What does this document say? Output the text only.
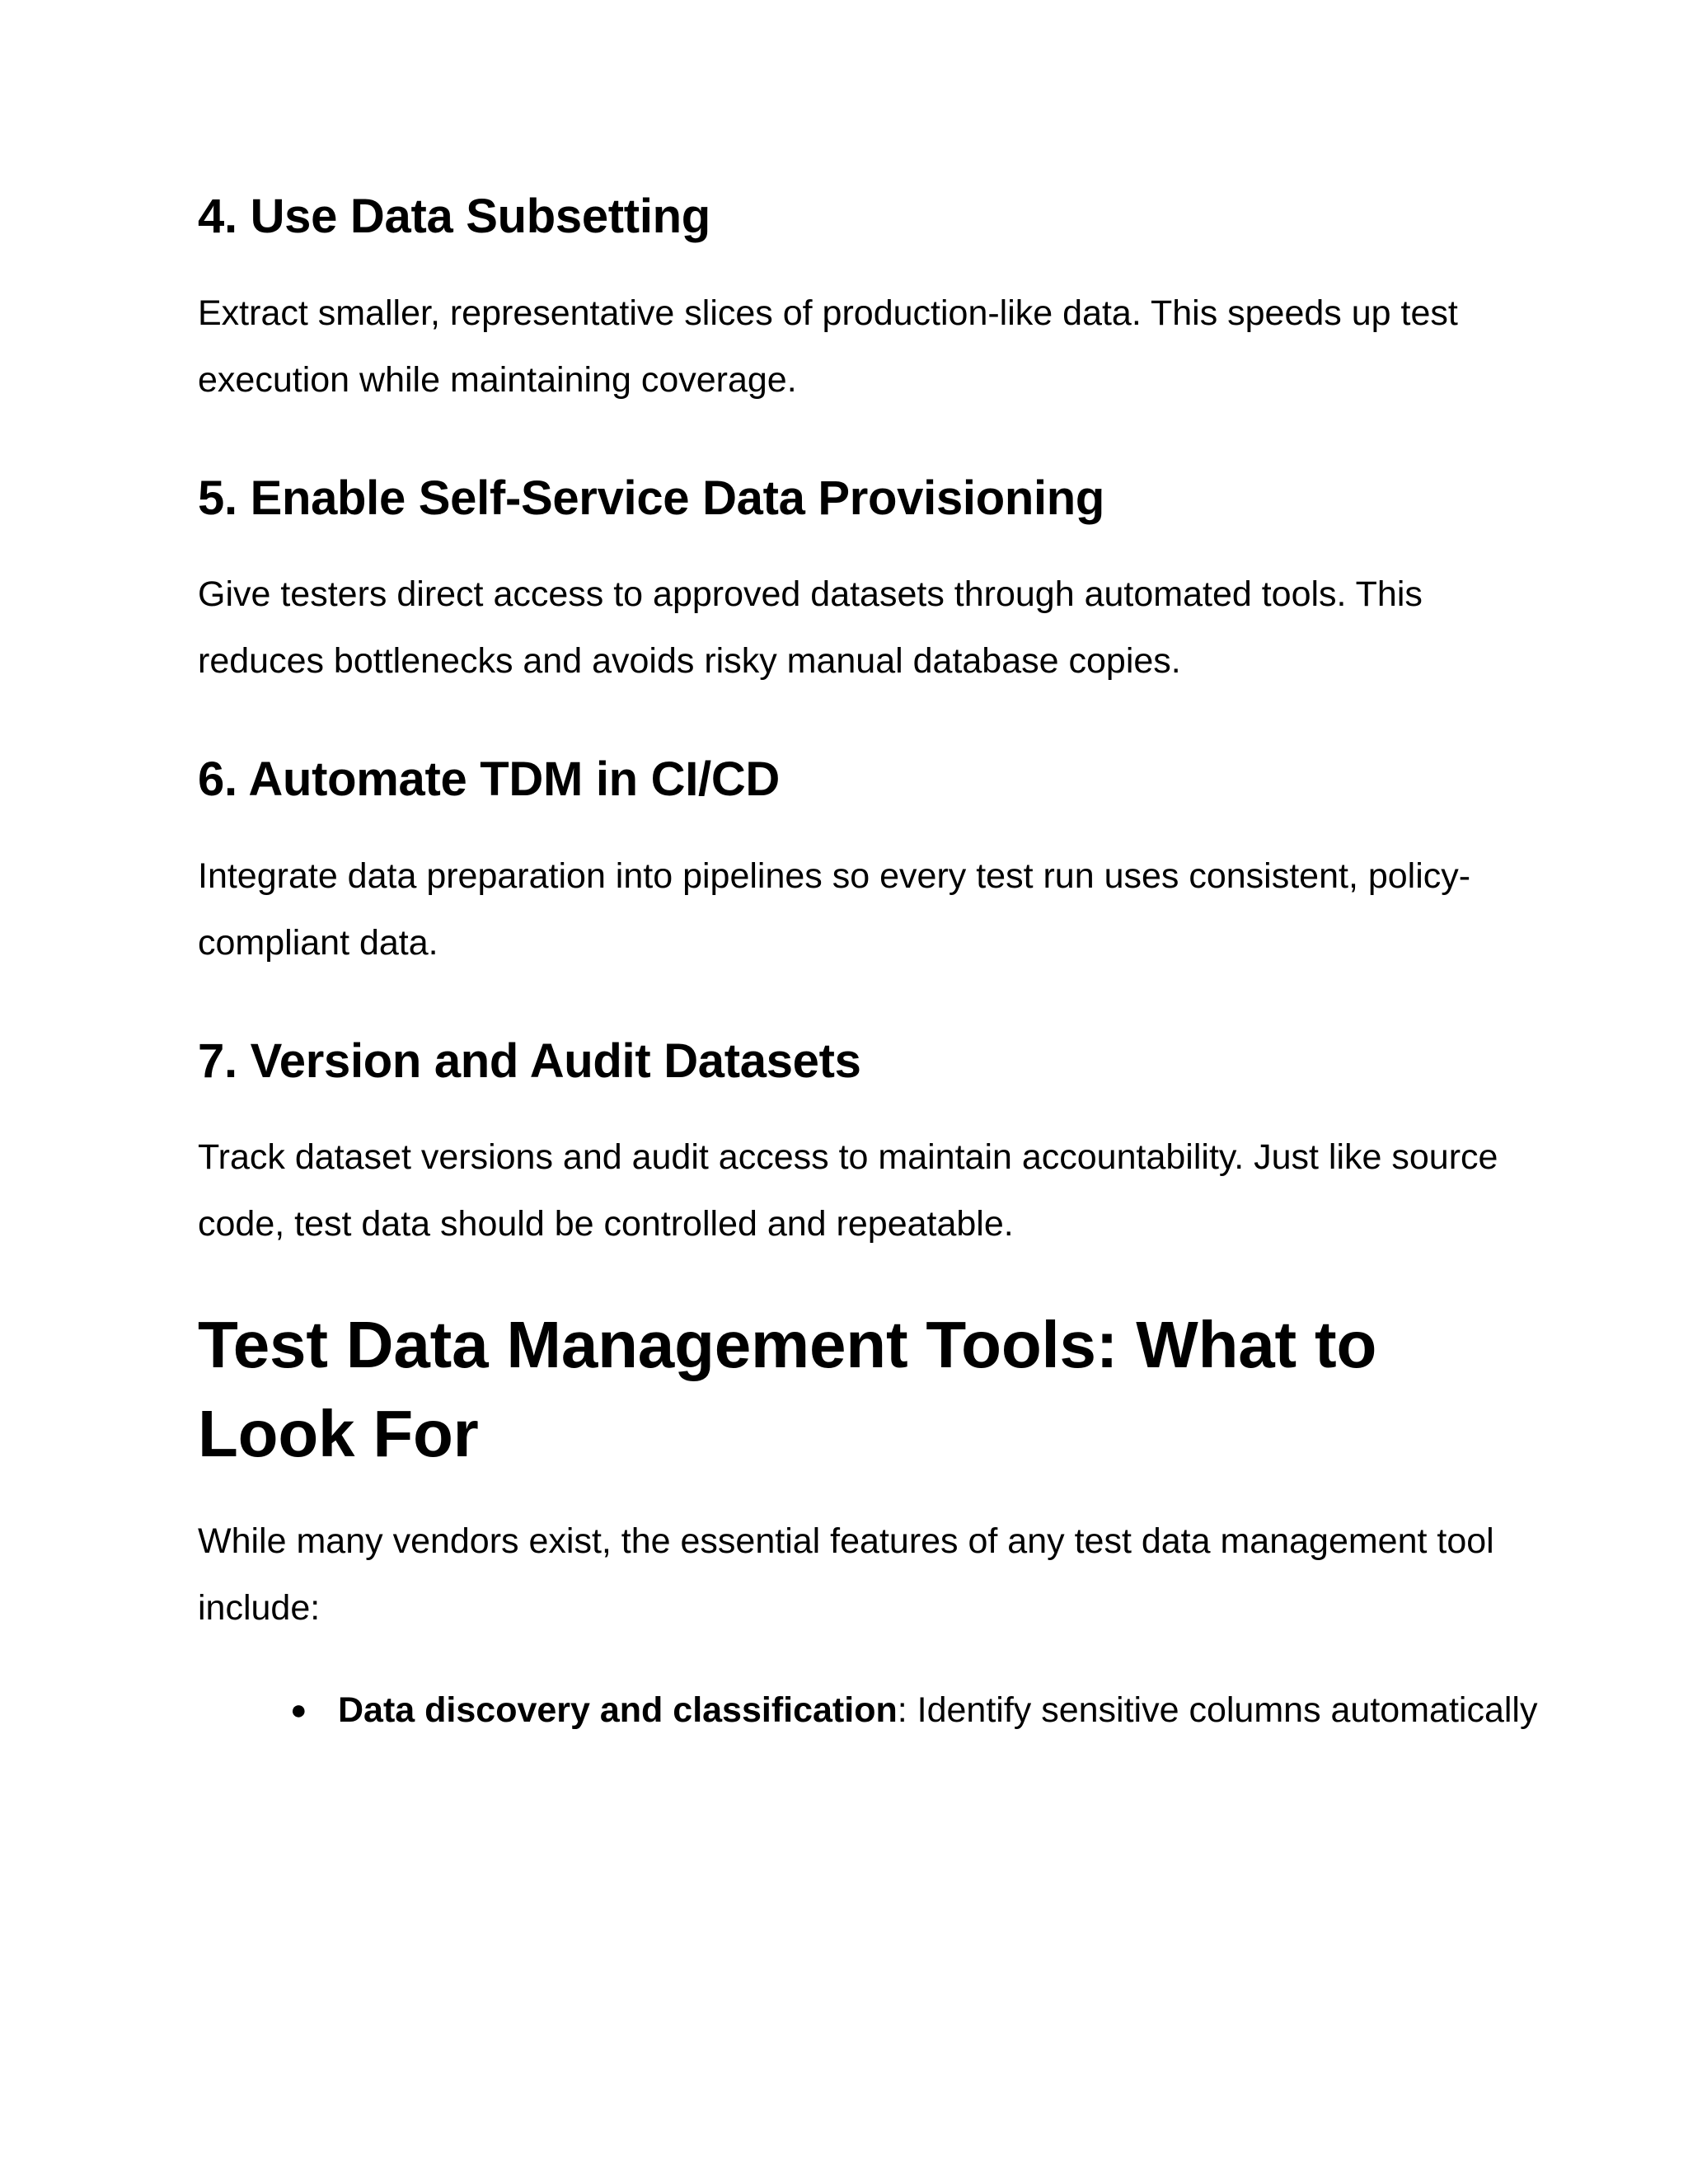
4. Use Data Subsetting

Extract smaller, representative slices of production-like data. This speeds up test execution while maintaining coverage.

5. Enable Self-Service Data Provisioning

Give testers direct access to approved datasets through automated tools. This reduces bottlenecks and avoids risky manual database copies.

6. Automate TDM in CI/CD

Integrate data preparation into pipelines so every test run uses consistent, policy-compliant data.

7. Version and Audit Datasets

Track dataset versions and audit access to maintain accountability. Just like source code, test data should be controlled and repeatable.

Test Data Management Tools: What to Look For

While many vendors exist, the essential features of any test data management tool include:

● Data discovery and classification: Identify sensitive columns automatically
